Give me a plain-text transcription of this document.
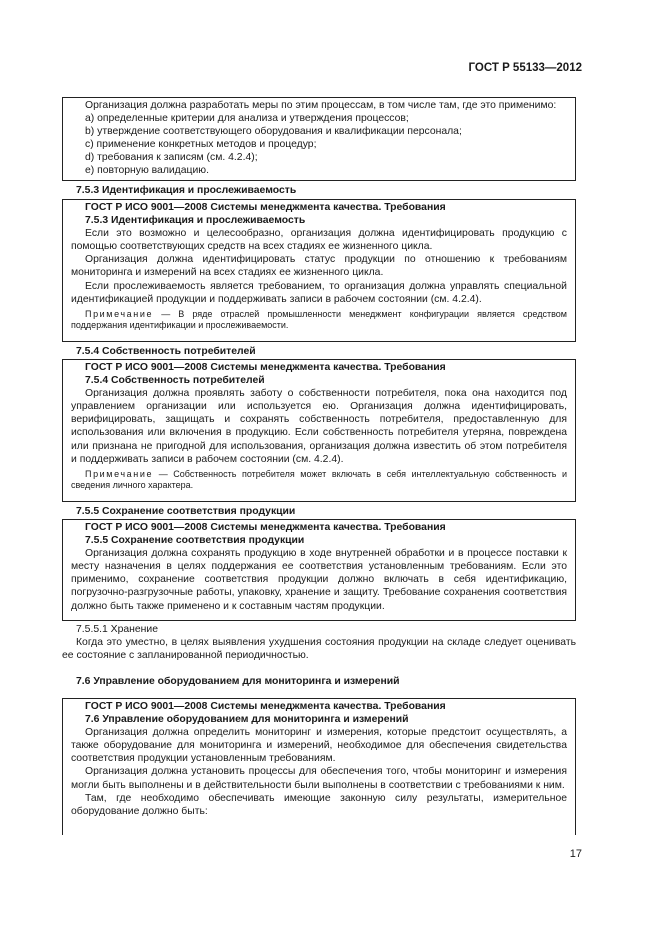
ГОСТ Р 55133—2012

Организация должна разработать меры по этим процессам, в том числе там, где это применимо:

a) определенные критерии для анализа и утверждения процессов;

b) утверждение соответствующего оборудования и квалификации персонала;

c) применение конкретных методов и процедур;

d) требования к записям (см. 4.2.4);

e) повторную валидацию.

7.5.3 Идентификация и прослеживаемость

ГОСТ Р ИСО 9001—2008 Системы менеджмента качества. Требования

7.5.3 Идентификация и прослеживаемость

Если это возможно и целесообразно, организация должна идентифицировать продукцию с помощью соответствующих средств на всех стадиях ее жизненного цикла.

Организация должна идентифицировать статус продукции по отношению к требованиям мониторинга и измерений на всех стадиях ее жизненного цикла.

Если прослеживаемость является требованием, то организация должна управлять специальной идентификацией продукции и поддерживать записи в рабочем состоянии (см. 4.2.4).

Примечание — В ряде отраслей промышленности менеджмент конфигурации является средством поддержания идентификации и прослеживаемости.

7.5.4 Собственность потребителей

ГОСТ Р ИСО 9001—2008 Системы менеджмента качества. Требования

7.5.4 Собственность потребителей

Организация должна проявлять заботу о собственности потребителя, пока она находится под управлением организации или используется ею. Организация должна идентифицировать, верифицировать, защищать и сохранять собственность потребителя, предоставленную для использования или включения в продукцию. Если собственность потребителя утеряна, повреждена или признана не пригодной для использования, организация должна известить об этом потребителя и поддерживать записи в рабочем состоянии (см. 4.2.4).

Примечание — Собственность потребителя может включать в себя интеллектуальную собственность и сведения личного характера.

7.5.5 Сохранение соответствия продукции

ГОСТ Р ИСО 9001—2008 Системы менеджмента качества. Требования

7.5.5 Сохранение соответствия продукции

Организация должна сохранять продукцию в ходе внутренней обработки и в процессе поставки к месту назначения в целях поддержания ее соответствия установленным требованиям. Если это применимо, сохранение соответствия продукции должно включать в себя идентификацию, погрузочно-разгрузочные работы, упаковку, хранение и защиту. Требование сохранения соответствия должно быть также применено и к составным частям продукции.

7.5.5.1 Хранение

Когда это уместно, в целях выявления ухудшения состояния продукции на складе следует оценивать ее состояние с запланированной периодичностью.

7.6 Управление оборудованием для мониторинга и измерений

ГОСТ Р ИСО 9001—2008 Системы менеджмента качества. Требования

7.6 Управление оборудованием для мониторинга и измерений

Организация должна определить мониторинг и измерения, которые предстоит осуществлять, а также оборудование для мониторинга и измерений, необходимое для обеспечения свидетельства соответствия продукции установленным требованиям.

Организация должна установить процессы для обеспечения того, чтобы мониторинг и измерения могли быть выполнены и в действительности были выполнены в соответствии с требованиями к ним.

Там, где необходимо обеспечивать имеющие законную силу результаты, измерительное оборудование должно быть:

17
